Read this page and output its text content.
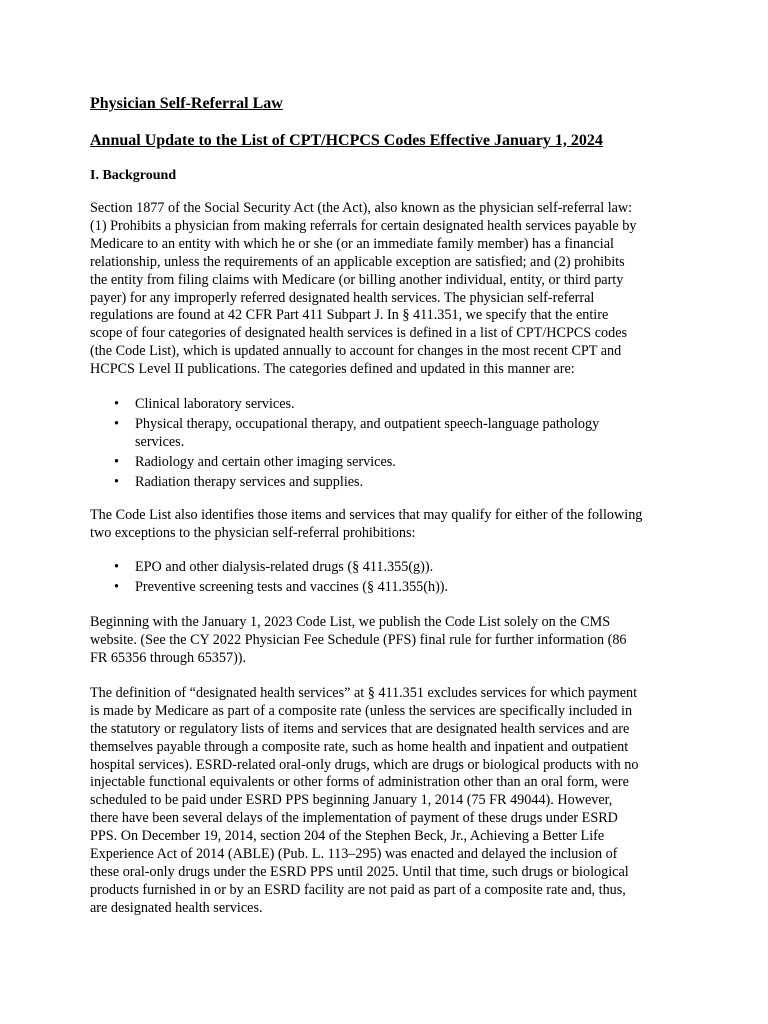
Physician Self-Referral Law
Annual Update to the List of CPT/HCPCS Codes Effective January 1, 2024
I. Background

Section 1877 of the Social Security Act (the Act), also known as the physician self-referral law:
(1) Prohibits a physician from making referrals for certain designated health services payable by
Medicare to an entity with which he or she (or an immediate family member) has a financial
relationship, unless the requirements of an applicable exception are satisfied; and (2) prohibits
the entity from filing claims with Medicare (or billing another individual, entity, or third party
payer) for any improperly referred designated health services. The physician self-referral
regulations are found at 42 CFR Part 411 Subpart J. In § 411.351, we specify that the entire
scope of four categories of designated health services is defined in a list of CPT/HCPCS codes
(the Code List), which is updated annually to account for changes in the most recent CPT and
HCPCS Level II publications. The categories defined and updated in this manner are:

• Clinical laboratory services.
• Physical therapy, occupational therapy, and outpatient speech-language pathology
services.
• Radiology and certain other imaging services.
• Radiation therapy services and supplies.

The Code List also identifies those items and services that may qualify for either of the following
two exceptions to the physician self-referral prohibitions:

• EPO and other dialysis-related drugs (§ 411.355(g)).
• Preventive screening tests and vaccines (§ 411.355(h)).

Beginning with the January 1, 2023 Code List, we publish the Code List solely on the CMS
website. (See the CY 2022 Physician Fee Schedule (PFS) final rule for further information (86
FR 65356 through 65357)).

The definition of “designated health services” at § 411.351 excludes services for which payment
is made by Medicare as part of a composite rate (unless the services are specifically included in
the statutory or regulatory lists of items and services that are designated health services and are
themselves payable through a composite rate, such as home health and inpatient and outpatient
hospital services). ESRD-related oral-only drugs, which are drugs or biological products with no
injectable functional equivalents or other forms of administration other than an oral form, were
scheduled to be paid under ESRD PPS beginning January 1, 2014 (75 FR 49044). However,
there have been several delays of the implementation of payment of these drugs under ESRD
PPS. On December 19, 2014, section 204 of the Stephen Beck, Jr., Achieving a Better Life
Experience Act of 2014 (ABLE) (Pub. L. 113–295) was enacted and delayed the inclusion of
these oral-only drugs under the ESRD PPS until 2025. Until that time, such drugs or biological
products furnished in or by an ESRD facility are not paid as part of a composite rate and, thus,
are designated health services.
